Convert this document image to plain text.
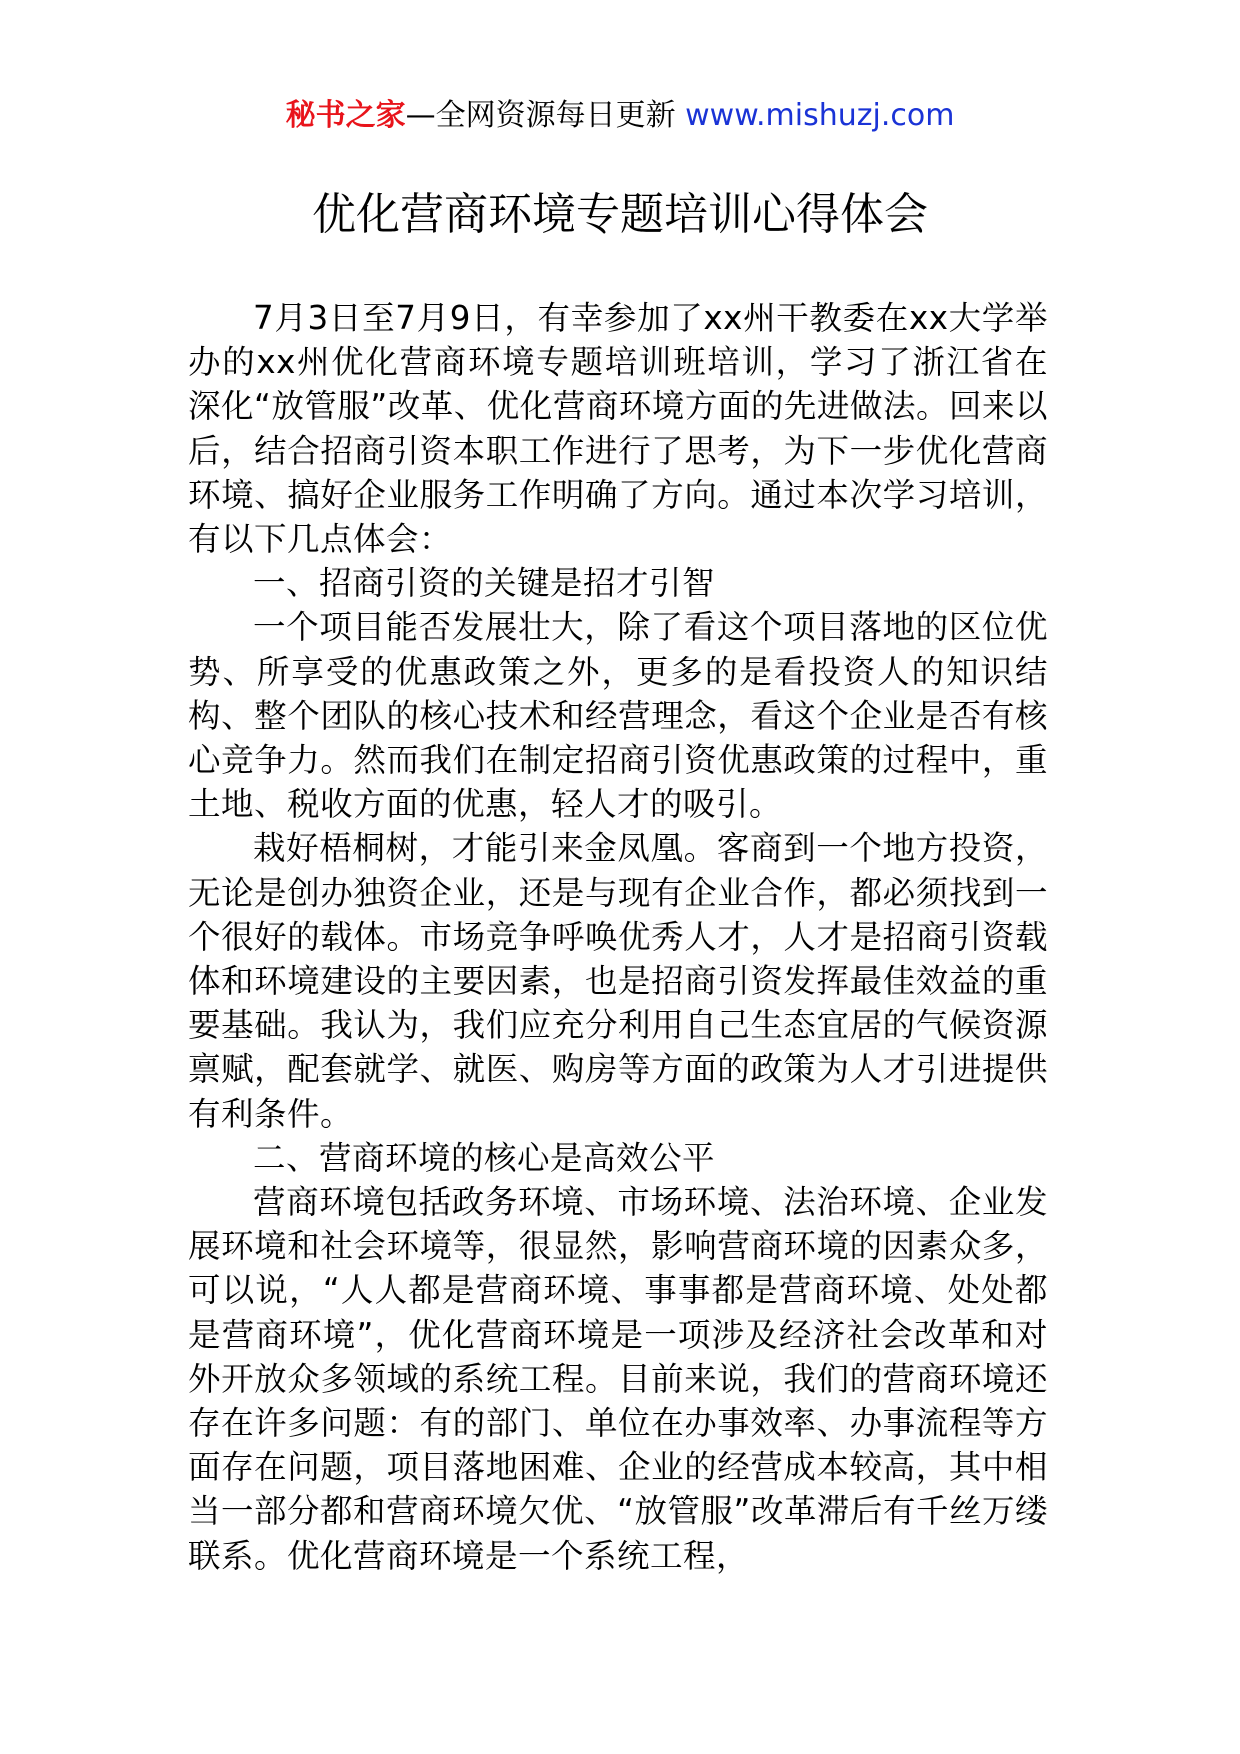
秘书之家—全网资源每日更新 www.mishuzj.com
优化营商环境专题培训心得体会

7月3日至7月9日，有幸参加了xx州干教委在xx大学举办的xx州优化营商环境专题培训班培训，学习了浙江省在深化“放管服”改革、优化营商环境方面的先进做法。回来以后，结合招商引资本职工作进行了思考，为下一步优化营商环境、搞好企业服务工作明确了方向。通过本次学习培训，有以下几点体会：

一、招商引资的关键是招才引智

一个项目能否发展壮大，除了看这个项目落地的区位优势、所享受的优惠政策之外，更多的是看投资人的知识结构、整个团队的核心技术和经营理念，看这个企业是否有核心竞争力。然而我们在制定招商引资优惠政策的过程中，重土地、税收方面的优惠，轻人才的吸引。

栽好梧桐树，才能引来金凤凰。客商到一个地方投资，无论是创办独资企业，还是与现有企业合作，都必须找到一个很好的载体。市场竞争呼唤优秀人才，人才是招商引资载体和环境建设的主要因素，也是招商引资发挥最佳效益的重要基础。我认为，我们应充分利用自己生态宜居的气候资源禀赋，配套就学、就医、购房等方面的政策为人才引进提供有利条件。

二、营商环境的核心是高效公平

营商环境包括政务环境、市场环境、法治环境、企业发展环境和社会环境等，很显然，影响营商环境的因素众多，可以说，“人人都是营商环境、事事都是营商环境、处处都是营商环境”，优化营商环境是一项涉及经济社会改革和对外开放众多领域的系统工程。目前来说，我们的营商环境还存在许多问题：有的部门、单位在办事效率、办事流程等方面存在问题，项目落地困难、企业的经营成本较高，其中相当一部分都和营商环境欠优、“放管服”改革滞后有千丝万缕联系。优化营商环境是一个系统工程，
